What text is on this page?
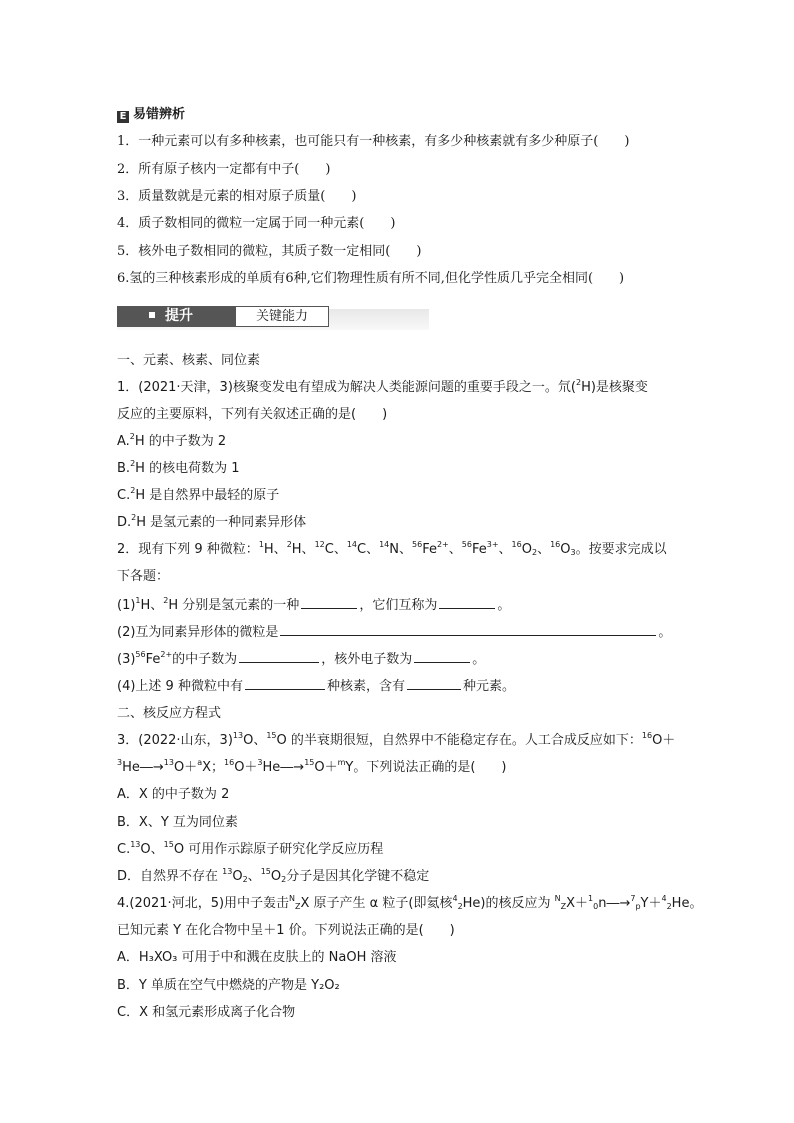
E 易错辨析
1．一种元素可以有多种核素，也可能只有一种核素，有多少种核素就有多少种原子(　　)
2．所有原子核内一定都有中子(　　)
3．质量数就是元素的相对原子质量(　　)
4．质子数相同的微粒一定属于同一种元素(　　)
5．核外电子数相同的微粒，其质子数一定相同(　　)
6.氢的三种核素形成的单质有6种,它们物理性质有所不同,但化学性质几乎完全相同(　　)
提升	关键能力
一、元素、核素、同位素
1．(2021·天津，3)核聚变发电有望成为解决人类能源问题的重要手段之一。氘($^2$H)是核聚变
反应的主要原料，下列有关叙述正确的是(　　)
A.$^2$H 的中子数为 2
B.$^2$H 的核电荷数为 1
C.$^2$H 是自然界中最轻的原子
D.$^2$H 是氢元素的一种同素异形体
2．现有下列 9 种微粒：$^1$H、$^2$H、$^{12}$C、$^{14}$C、$^{14}$N、$^{56}Fe^{2+}$、$^{56}Fe^{3+}$、$^{16}O_2$、$^{16}O_3$。按要求完成以
下各题：
$(1)^1H$、$^2$H 分别是氢元素的一种	，它们互称为	。
(2)互为同素异形体的微粒是	。
$(3)^{56}Fe^{2+}$的中子数为	，核外电子数为	。
(4)上述 9 种微粒中有	种核素，含有	种元素。
二、核反应方程式
3．(2022·山东，3)$^{13}$O、$^{15}$O 的半衰期很短，自然界中不能稳定存在。人工合成反应如下：$^{16}$O＋
$^3$He―→$^{13}$O＋$^a$X；$^{16}$O＋$^3$He―→$^{15}$O＋$^m$Y。下列说法正确的是(　　)
A．X 的中子数为 2
B．X、Y 互为同位素
C.$^{13}$O、$^{15}$O 可用作示踪原子研究化学反应历程
D．自然界不存在 $^{13}O_2$、$^{15}O_2$分子是因其化学键不稳定
4.(2021·河北，5)用中子轰击$^N_Z$X 原子产生 α 粒子(即氦核$^4_2$He)的核反应为 $^N_Z$X＋$^1_0$n―→$^7_p$Y＋$^4_2$He。
已知元素 Y 在化合物中呈＋1 价。下列说法正确的是(　　)
A．H₃XO₃ 可用于中和溅在皮肤上的 NaOH 溶液
B．Y 单质在空气中燃烧的产物是 Y₂O₂
C．X 和氢元素形成离子化合物
